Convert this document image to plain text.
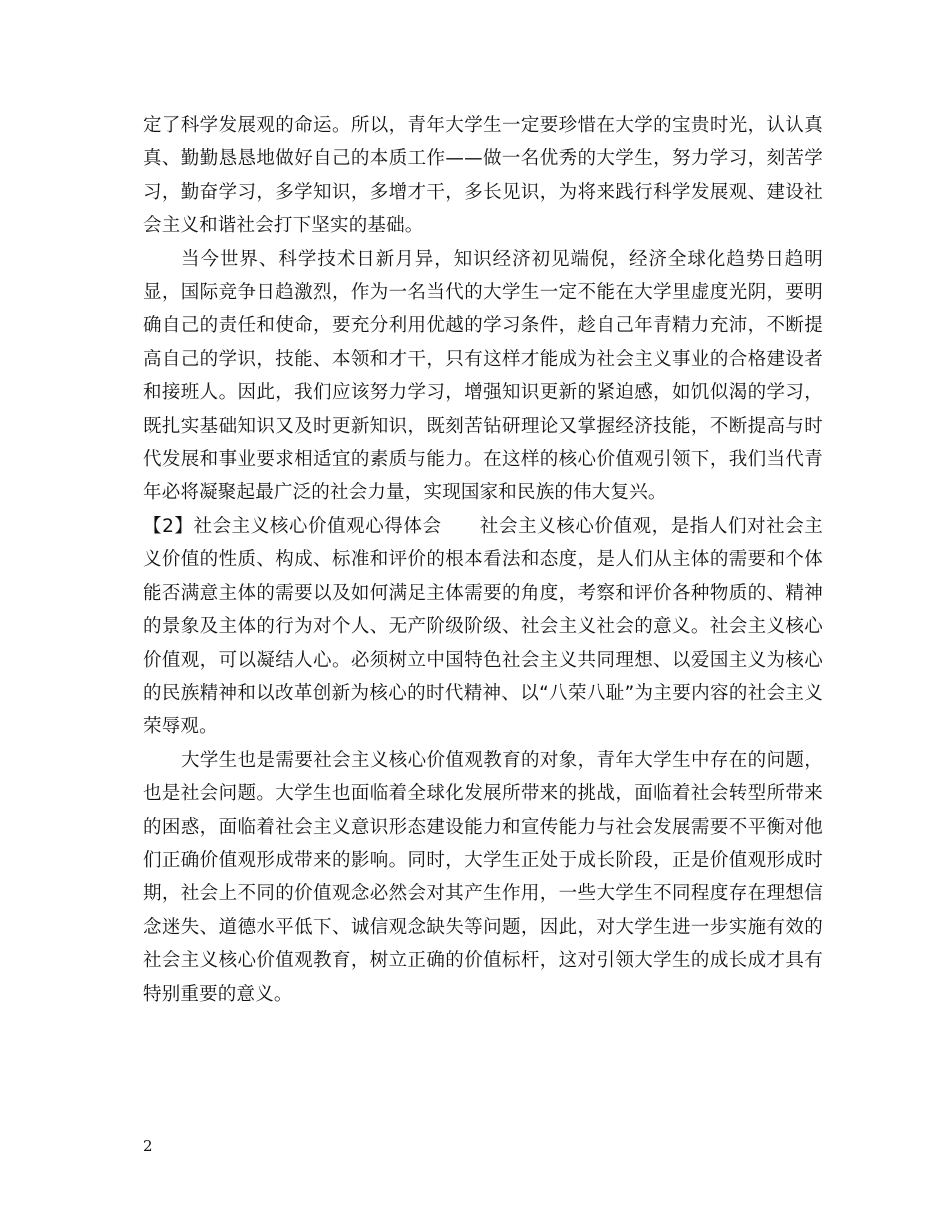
定了科学发展观的命运。所以，青年大学生一定要珍惜在大学的宝贵时光，认认真真、勤勤恳恳地做好自己的本质工作——做一名优秀的大学生，努力学习，刻苦学习，勤奋学习，多学知识，多增才干，多长见识，为将来践行科学发展观、建设社会主义和谐社会打下坚实的基础。

当今世界、科学技术日新月异，知识经济初见端倪，经济全球化趋势日趋明显，国际竞争日趋激烈，作为一名当代的大学生一定不能在大学里虚度光阴，要明确自己的责任和使命，要充分利用优越的学习条件，趁自己年青精力充沛，不断提高自己的学识，技能、本领和才干，只有这样才能成为社会主义事业的合格建设者和接班人。因此，我们应该努力学习，增强知识更新的紧迫感，如饥似渴的学习，既扎实基础知识又及时更新知识，既刻苦钻研理论又掌握经济技能，不断提高与时代发展和事业要求相适宜的素质与能力。在这样的核心价值观引领下，我们当代青年必将凝聚起最广泛的社会力量，实现国家和民族的伟大复兴。

【2】社会主义核心价值观心得体会 社会主义核心价值观，是指人们对社会主义价值的性质、构成、标准和评价的根本看法和态度，是人们从主体的需要和个体能否满意主体的需要以及如何满足主体需要的角度，考察和评价各种物质的、精神的景象及主体的行为对个人、无产阶级阶级、社会主义社会的意义。社会主义核心价值观，可以凝结人心。必须树立中国特色社会主义共同理想、以爱国主义为核心的民族精神和以改革创新为核心的时代精神、以“八荣八耻”为主要内容的社会主义荣辱观。

大学生也是需要社会主义核心价值观教育的对象，青年大学生中存在的问题，也是社会问题。大学生也面临着全球化发展所带来的挑战，面临着社会转型所带来的困惑，面临着社会主义意识形态建设能力和宣传能力与社会发展需要不平衡对他们正确价值观形成带来的影响。同时，大学生正处于成长阶段，正是价值观形成时期，社会上不同的价值观念必然会对其产生作用，一些大学生不同程度存在理想信念迷失、道德水平低下、诚信观念缺失等问题，因此，对大学生进一步实施有效的社会主义核心价值观教育，树立正确的价值标杆，这对引领大学生的成长成才具有特别重要的意义。

2
